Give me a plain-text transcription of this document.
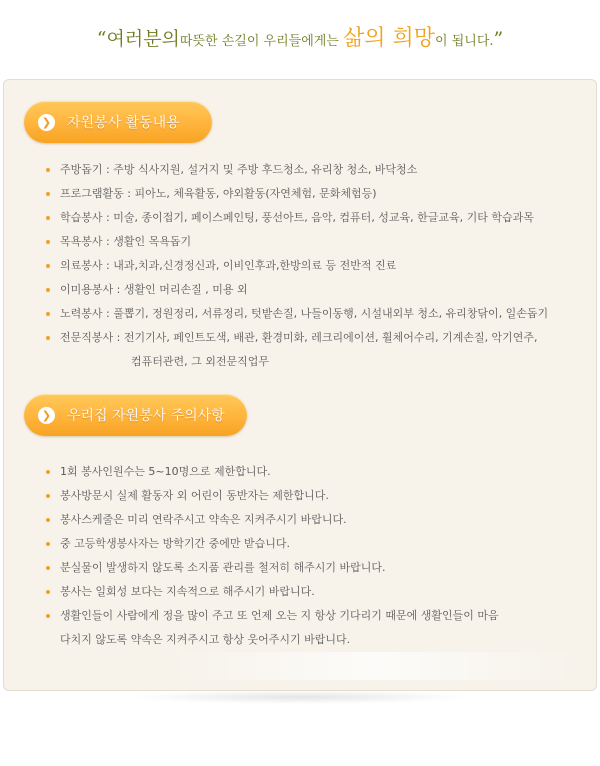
“여러분의따뜻한 손길이 우리들에게는 삶의 희망이 됩니다.”
❯ 자원봉사 활동내용
주방돕기 : 주방 식사지원, 설거지 및 주방 후드청소, 유리창 청소, 바닥청소
프로그램활동 : 피아노, 체육활동, 야외활동(자연체험, 문화체험등)
학습봉사 : 미술, 종이접기, 페이스페인팅, 풍선아트, 음악, 컴퓨터, 성교육, 한글교육, 기타 학습과목
목욕봉사 : 생활인 목욕돕기
의료봉사 : 내과,치과,신경정신과, 이비인후과,한방의료 등 전반적 진료
이미용봉사 : 생활인 머리손질 , 미용 외
노력봉사 : 풀뽑기, 정원정리, 서류정리, 텃밭손질, 나들이동행, 시설내외부 청소, 유리창닦이, 일손돕기
전문직봉사 : 전기기사, 페인트도색, 배관, 환경미화, 레크리에이션, 휠체어수리, 기계손질, 악기연주,
컴퓨터관련, 그 외전문직업무
❯ 우리집 자원봉사 주의사항
1회 봉사인원수는 5~10명으로 제한합니다.
봉사방문시 실제 활동자 외 어린이 동반자는 제한합니다.
봉사스케줄은 미리 연락주시고 약속은 지켜주시기 바랍니다.
중 고등학생봉사자는 방학기간 중에만 받습니다.
분실물이 발생하지 않도록 소지품 관리를 철저히 해주시기 바랍니다.
봉사는 일회성 보다는 지속적으로 해주시기 바랍니다.
생활인들이 사람에게 정을 많이 주고 또 언제 오는 지 항상 기다리기 때문에 생활인들이 마음
다치지 않도록 약속은 지켜주시고 항상 웃어주시기 바랍니다.
